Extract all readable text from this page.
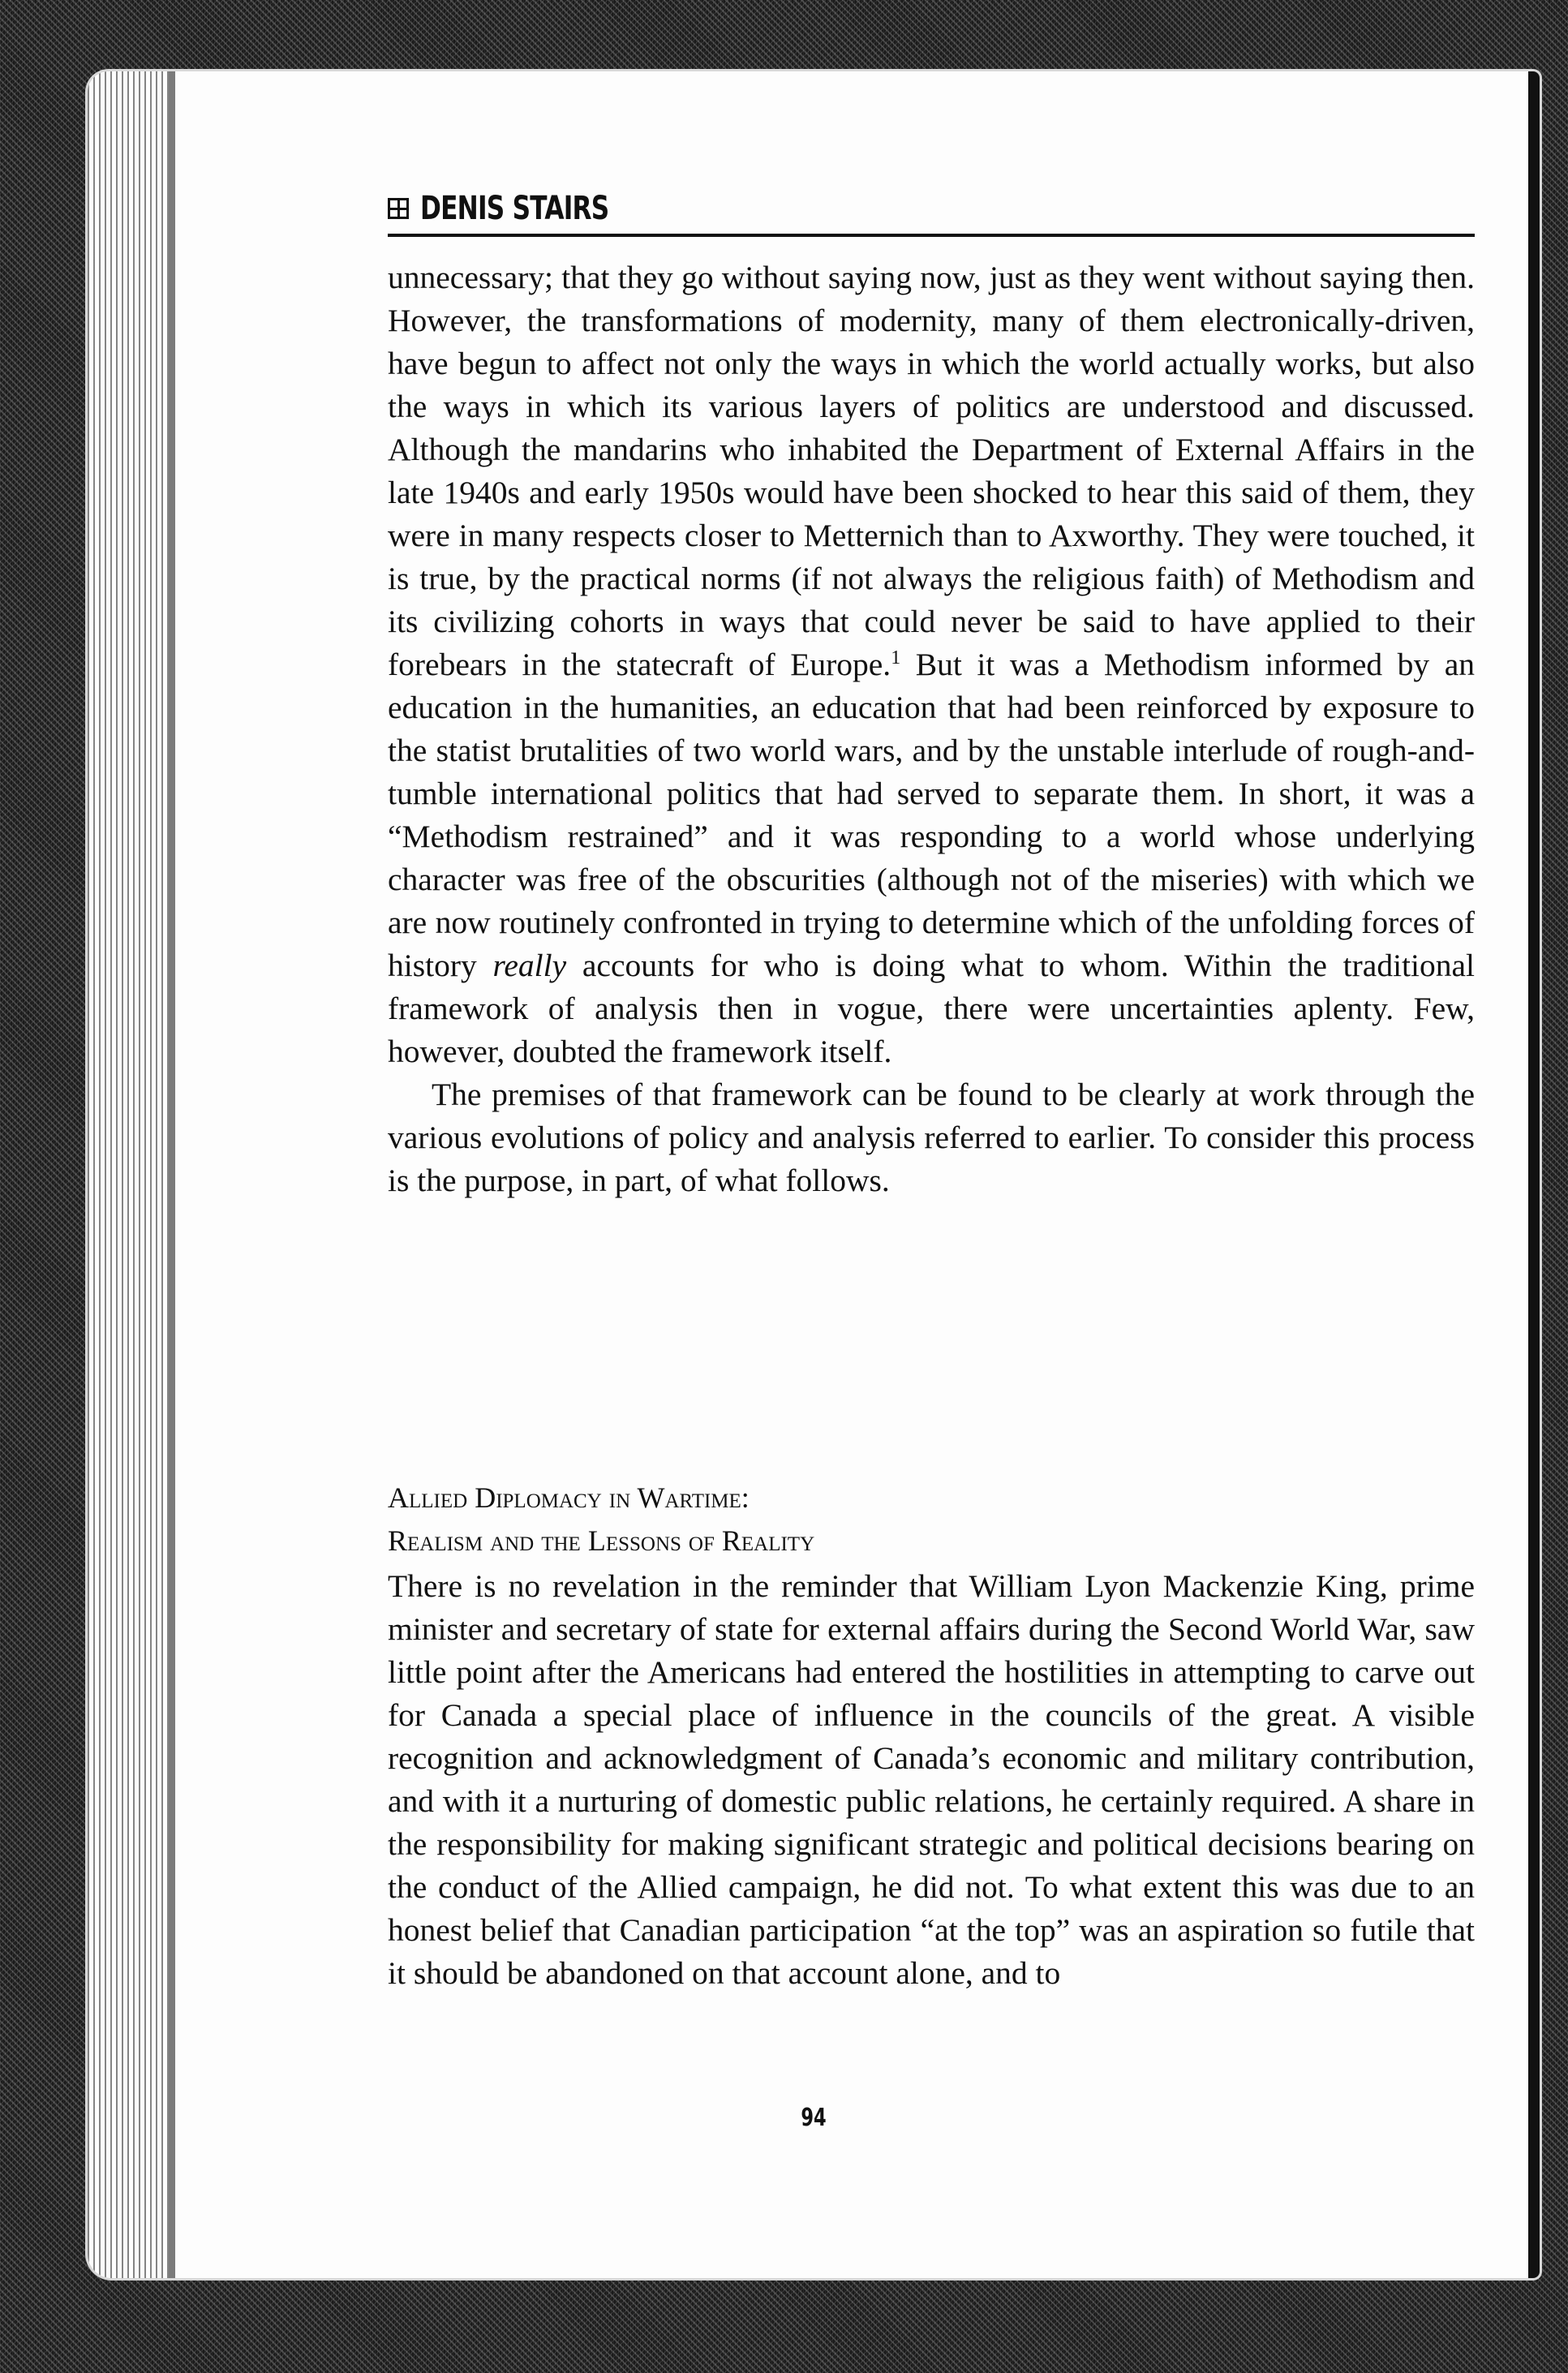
DENIS STAIRS

unnecessary; that they go without saying now, just as they went without saying then. However, the transformations of modernity, many of them electronically-driven, have begun to affect not only the ways in which the world actually works, but also the ways in which its various layers of politics are understood and discussed. Although the mandarins who inhabited the Department of External Affairs in the late 1940s and early 1950s would have been shocked to hear this said of them, they were in many respects closer to Metternich than to Axworthy. They were touched, it is true, by the practical norms (if not always the religious faith) of Methodism and its civilizing cohorts in ways that could never be said to have applied to their forebears in the statecraft of Europe.$^1$ But it was a Methodism informed by an education in the humanities, an education that had been reinforced by exposure to the statist brutalities of two world wars, and by the unstable interlude of rough-and-tumble international politics that had served to separate them. In short, it was a “Methodism restrained” and it was responding to a world whose underlying character was free of the obscurities (although not of the miseries) with which we are now routinely confronted in trying to determine which of the unfolding forces of history really accounts for who is doing what to whom. Within the traditional framework of analysis then in vogue, there were uncertainties aplenty. Few, however, doubted the framework itself.

The premises of that framework can be found to be clearly at work through the various evolutions of policy and analysis referred to earlier. To consider this process is the purpose, in part, of what follows.

Allied Diplomacy in Wartime:
Realism and the Lessons of Reality

There is no revelation in the reminder that William Lyon Mackenzie King, prime minister and secretary of state for external affairs during the Second World War, saw little point after the Americans had entered the hostilities in attempting to carve out for Canada a special place of influence in the councils of the great. A visible recognition and acknowledgment of Canada’s economic and military contribution, and with it a nurturing of domestic public relations, he certainly required. A share in the responsibility for making significant strategic and political decisions bearing on the conduct of the Allied campaign, he did not. To what extent this was due to an honest belief that Canadian participation “at the top” was an aspiration so futile that it should be abandoned on that account alone, and to

94
